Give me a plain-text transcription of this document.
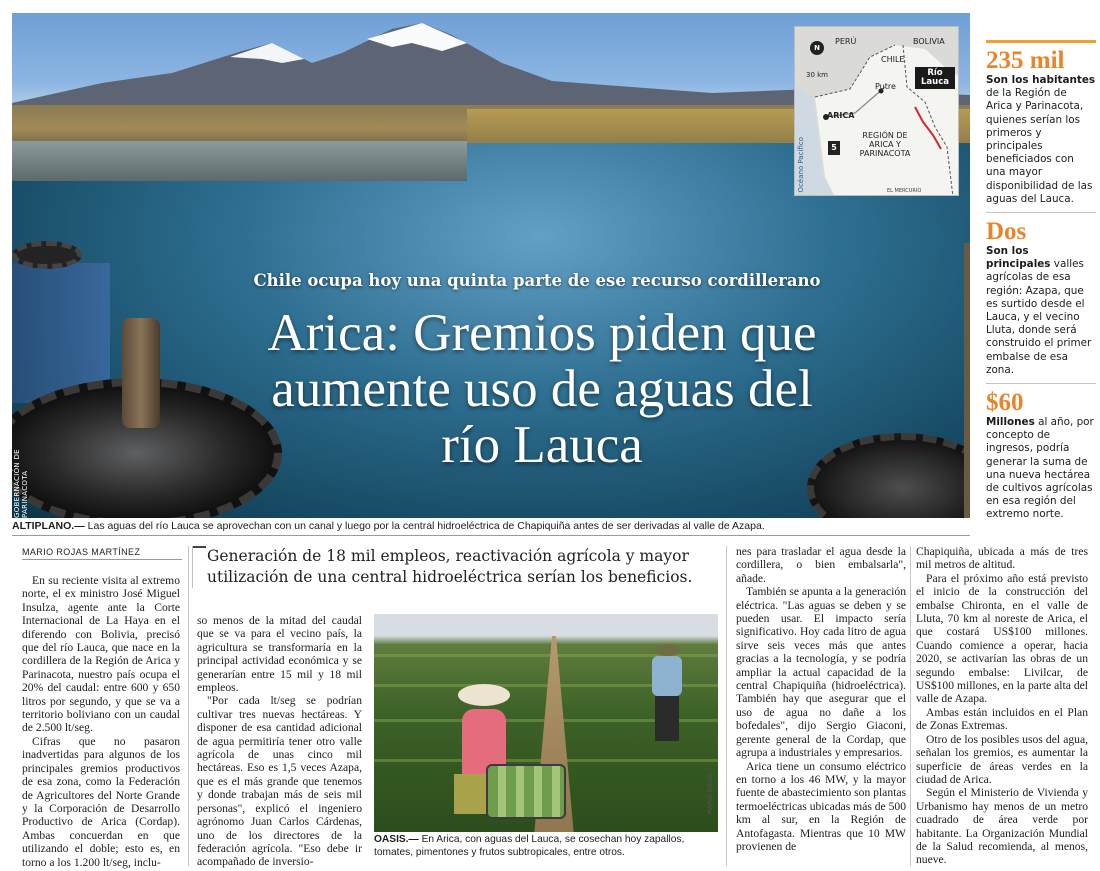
Chile ocupa hoy una quinta parte de ese recurso cordillerano
Arica: Gremios piden que aumente uso de aguas del río Lauca
GOBERNACIÓN DE PARINACOTA
N
30 km
PERÚ	BOLIVIA
CHILE
Putre
ARICA
REGIÓN DE ARICA Y PARINACOTA
Océano Pacífico
Río Lauca
5
EL MERCURIO
235 mil
Son los habitantes de la Región de Arica y Parinacota, quienes serían los primeros y principales beneficiados con una mayor disponibilidad de las aguas del Lauca.
Dos
Son los principales valles agrícolas de esa región: Azapa, que es surtido desde el Lauca, y el vecino Lluta, donde será construido el primer embalse de esa zona.
$60
Millones al año, por concepto de ingresos, podría generar la suma de una nueva hectárea de cultivos agrícolas en esa región del extremo norte.
ALTIPLANO.— Las aguas del río Lauca se aprovechan con un canal y luego por la central hidroeléctrica de Chapiquiña antes de ser derivadas al valle de Azapa.
MARIO ROJAS MARTÍNEZ	Generación de 18 mil empleos, reactivación agrícola y mayor utilización de una central hidroeléctrica serían los beneficios.

En su reciente visita al extremo norte, el ex ministro José Miguel Insulza, agente ante la Corte Internacional de La Haya en el diferendo con Bolivia, precisó que del río Lauca, que nace en la cordillera de la Región de Arica y Parinacota, nuestro país ocupa el 20% del caudal: entre 600 y 650 litros por segundo, y que se va a territorio boliviano con un caudal de 2.500 lt/seg.

Cifras que no pasaron inadvertidas para algunos de los principales gremios productivos de esa zona, como la Federación de Agricultores del Norte Grande y la Corporación de Desarrollo Productivo de Arica (Cordap). Ambas concuerdan en que utilizando el doble; esto es, en torno a los 1.200 lt/seg, inclu-

so menos de la mitad del caudal que se va para el vecino país, la agricultura se transformaría en la principal actividad económica y se generarían entre 15 mil y 18 mil empleos.

"Por cada lt/seg se podrían cultivar tres nuevas hectáreas. Y disponer de esa cantidad adicional de agua permitiría tener otro valle agrícola de unas cinco mil hectáreas. Eso es 1,5 veces Azapa, que es el más grande que tenemos y donde trabajan más de seis mil personas", explicó el ingeniero agrónomo Juan Carlos Cárdenas, uno de los directores de la federación agrícola. "Eso debe ir acompañado de inversio-

MARIO ROJAS
OASIS.— En Arica, con aguas del Lauca, se cosechan hoy zapallos, tomates, pimentones y frutos subtropicales, entre otros.

nes para trasladar el agua desde la cordillera, o bien embalsarla", añade.

También se apunta a la generación eléctrica. "Las aguas se deben y se pueden usar. El impacto sería significativo. Hoy cada litro de agua sirve seis veces más que antes gracias a la tecnología, y se podría ampliar la actual capacidad de la central Chapiquiña (hidroeléctrica). También hay que asegurar que el uso de agua no dañe a los bofedales", dijo Sergio Giaconi, gerente general de la Cordap, que agrupa a industriales y empresarios.

Arica tiene un consumo eléctrico en torno a los 46 MW, y la mayor fuente de abastecimiento son plantas termoeléctricas ubicadas más de 500 km al sur, en la Región de Antofagasta. Mientras que 10 MW provienen de

Chapiquiña, ubicada a más de tres mil metros de altitud.

Para el próximo año está previsto el inicio de la construcción del embalse Chironta, en el valle de Lluta, 70 km al noreste de Arica, el que costará US$100 millones. Cuando comience a operar, hacia 2020, se activarían las obras de un segundo embalse: Livilcar, de US$100 millones, en la parte alta del valle de Azapa.

Ambas están incluidos en el Plan de Zonas Extremas.

Otro de los posibles usos del agua, señalan los gremios, es aumentar la superficie de áreas verdes en la ciudad de Arica.

Según el Ministerio de Vivienda y Urbanismo hay menos de un metro cuadrado de área verde por habitante. La Organización Mundial de la Salud recomienda, al menos, nueve.
